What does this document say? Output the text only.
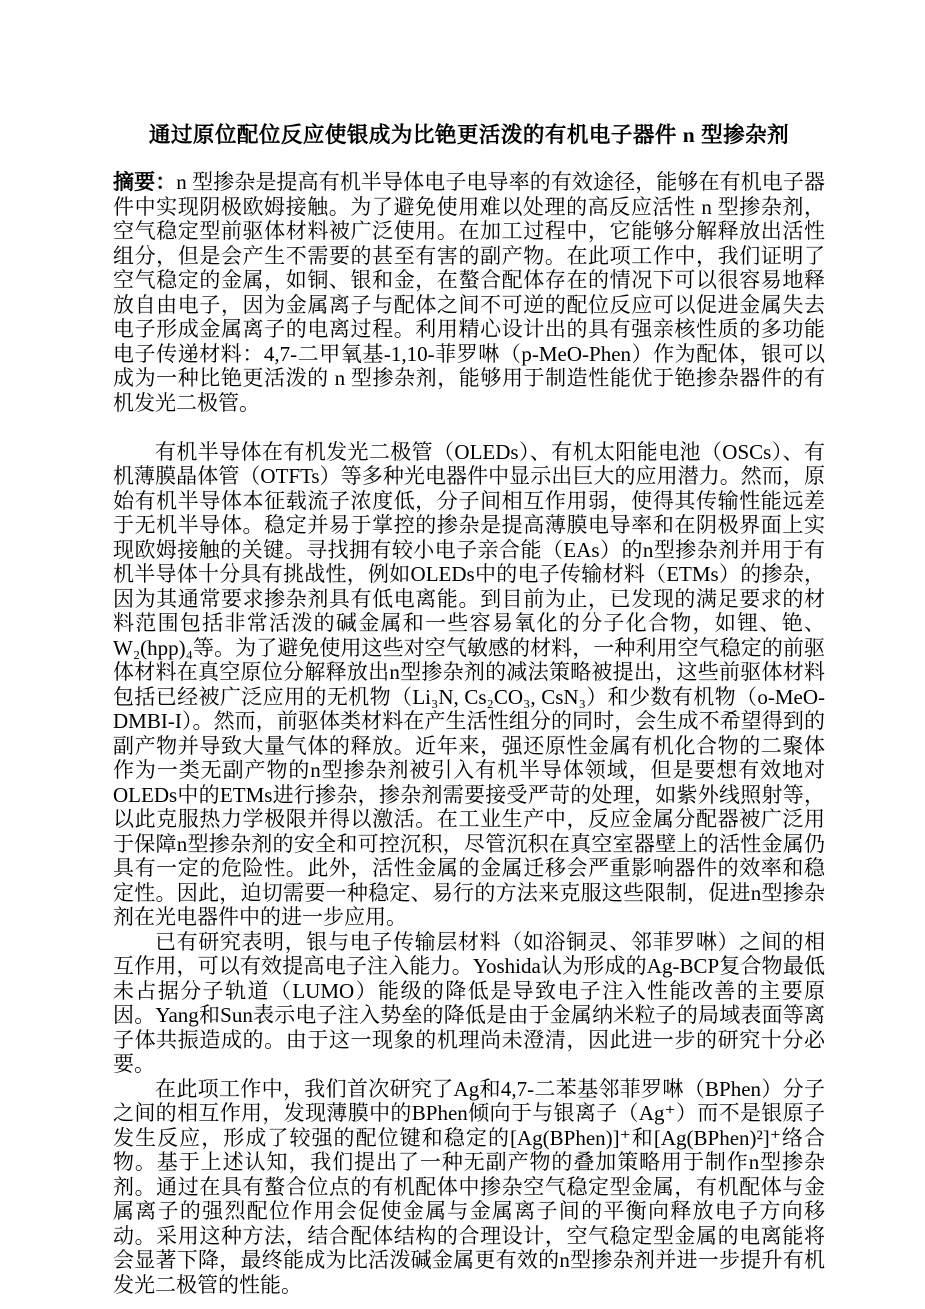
通过原位配位反应使银成为比铯更活泼的有机电子器件 n 型掺杂剂

摘要：n 型掺杂是提高有机半导体电子电导率的有效途径，能够在有机电子器件中实现阴极欧姆接触。为了避免使用难以处理的高反应活性 n 型掺杂剂，空气稳定型前驱体材料被广泛使用。在加工过程中，它能够分解释放出活性组分，但是会产生不需要的甚至有害的副产物。在此项工作中，我们证明了空气稳定的金属，如铜、银和金，在螯合配体存在的情况下可以很容易地释放自由电子，因为金属离子与配体之间不可逆的配位反应可以促进金属失去电子形成金属离子的电离过程。利用精心设计出的具有强亲核性质的多功能电子传递材料：4,7-二甲氧基-1,10-菲罗啉（p-MeO-Phen）作为配体，银可以成为一种比铯更活泼的 n 型掺杂剂，能够用于制造性能优于铯掺杂器件的有机发光二极管。

有机半导体在有机发光二极管（OLEDs）、有机太阳能电池（OSCs）、有机薄膜晶体管（OTFTs）等多种光电器件中显示出巨大的应用潜力。然而，原始有机半导体本征载流子浓度低，分子间相互作用弱，使得其传输性能远差于无机半导体。稳定并易于掌控的掺杂是提高薄膜电导率和在阴极界面上实现欧姆接触的关键。寻找拥有较小电子亲合能（EAs）的n型掺杂剂并用于有机半导体十分具有挑战性，例如OLEDs中的电子传输材料（ETMs）的掺杂，因为其通常要求掺杂剂具有低电离能。到目前为止，已发现的满足要求的材料范围包括非常活泼的碱金属和一些容易氧化的分子化合物，如锂、铯、W₂(hpp)₄等。为了避免使用这些对空气敏感的材料，一种利用空气稳定的前驱体材料在真空原位分解释放出n型掺杂剂的减法策略被提出，这些前驱体材料包括已经被广泛应用的无机物（Li₃N, Cs₂CO₃, CsN₃）和少数有机物（o-MeO-DMBI-I）。然而，前驱体类材料在产生活性组分的同时，会生成不希望得到的副产物并导致大量气体的释放。近年来，强还原性金属有机化合物的二聚体作为一类无副产物的n型掺杂剂被引入有机半导体领域，但是要想有效地对OLEDs中的ETMs进行掺杂，掺杂剂需要接受严苛的处理，如紫外线照射等，以此克服热力学极限并得以激活。在工业生产中，反应金属分配器被广泛用于保障n型掺杂剂的安全和可控沉积，尽管沉积在真空室器壁上的活性金属仍具有一定的危险性。此外，活性金属的金属迁移会严重影响器件的效率和稳定性。因此，迫切需要一种稳定、易行的方法来克服这些限制，促进n型掺杂剂在光电器件中的进一步应用。

已有研究表明，银与电子传输层材料（如浴铜灵、邻菲罗啉）之间的相互作用，可以有效提高电子注入能力。Yoshida认为形成的Ag-BCP复合物最低未占据分子轨道（LUMO）能级的降低是导致电子注入性能改善的主要原因。Yang和Sun表示电子注入势垒的降低是由于金属纳米粒子的局域表面等离子体共振造成的。由于这一现象的机理尚未澄清，因此进一步的研究十分必要。

在此项工作中，我们首次研究了Ag和4,7-二苯基邻菲罗啉（BPhen）分子之间的相互作用，发现薄膜中的BPhen倾向于与银离子（Ag⁺）而不是银原子发生反应，形成了较强的配位键和稳定的[Ag(BPhen)]⁺和[Ag(BPhen)²]⁺络合物。基于上述认知，我们提出了一种无副产物的叠加策略用于制作n型掺杂剂。通过在具有螯合位点的有机配体中掺杂空气稳定型金属，有机配体与金属离子的强烈配位作用会促使金属与金属离子间的平衡向释放电子方向移动。采用这种方法，结合配体结构的合理设计，空气稳定型金属的电离能将会显著下降，最终能成为比活泼碱金属更有效的n型掺杂剂并进一步提升有机发光二极管的性能。
